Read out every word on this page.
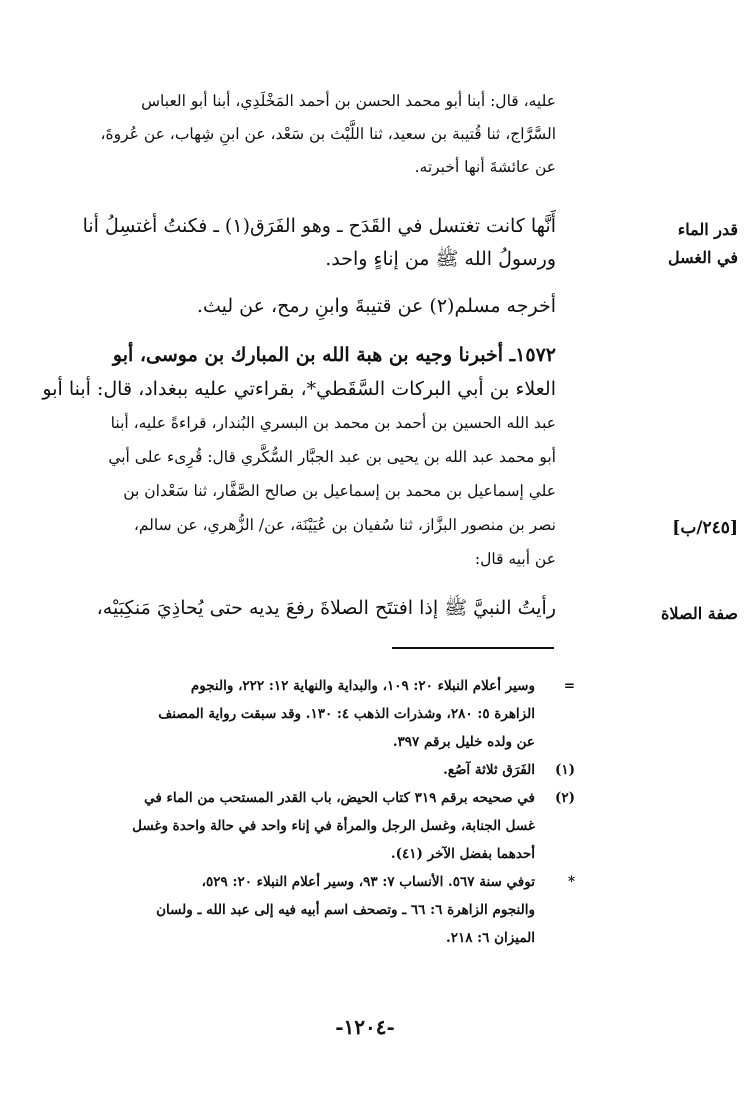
عليه، قال: أبنا أبو محمد الحسن بن أحمد المَخْلَدِي، أبنا أبو العباس
السَّرَّاج، ثنا قُتيبة بن سعيد، ثنا اللَّيْث بن سَعْد، عن ابنِ شِهاب، عن عُروةَ،
عن عائشةَ أنها أخبرته.
أَنَّها كانت تغتسل في القَدَح ـ وهو الفَرَق(١) ـ فكنتُ أغتسِلُ أنا
ورسولُ الله ﷺ من إناءٍ واحد.
أخرجه مسلم(٢) عن قتيبةَ وابنِ رمح، عن ليث.
١٥٧٢ـ أخبرنا وجيه بن هبة الله بن المبارك بن موسى، أبو
العلاء بن أبي البركات السَّقَطي*، بقراءتي عليه ببغداد، قال: أبنا أبو
عبد الله الحسين بن أحمد بن محمد بن البسري البُندار، قراءةً عليه، أبنا
أبو محمد عبد الله بن يحيى بن عبد الجبَّار السُّكَّري قال: قُرِىء على أبي
علي إسماعيل بن محمد بن إسماعيل بن صالح الصَّفَّار، ثنا سَعْدان بن
نصر بن منصور البزَّاز، ثنا سُفيان بن عُيَيْنَة، عن/ الزُّهري، عن سالم،
عن أبيه قال:
رأيتُ النبيَّ ﷺ إذا افتتَح الصلاةَ رفعَ يديه حتى يُحاذِيَ مَنكِبَيْه،
قدر الماء
في الغسل
[٢٤٥/ب]
صفة الصلاة
=
وسير أعلام النبلاء ٢٠: ١٠٩، والبداية والنهاية ١٢: ٢٢٢، والنجوم
الزاهرة ٥: ٢٨٠، وشذرات الذهب ٤: ١٣٠. وقد سبقت رواية المصنف
عن ولده خليل برقم ٣٩٧.
(١)
الفَرَق ثلاثة آصُع.
(٢)
في صحيحه برقم ٣١٩ كتاب الحيض، باب القدر المستحب من الماء في
غسل الجنابة، وغسل الرجل والمرأة في إناء واحد في حالة واحدة وغسل
أحدهما بفضل الآخر (٤١).
*
توفي سنة ٥٦٧. الأنساب ٧: ٩٣، وسير أعلام النبلاء ٢٠: ٥٢٩،
والنجوم الزاهرة ٦: ٦٦ ـ وتصحف اسم أبيه فيه إلى عبد الله ـ ولسان
الميزان ٦: ٢١٨.
-١٢٠٤-
